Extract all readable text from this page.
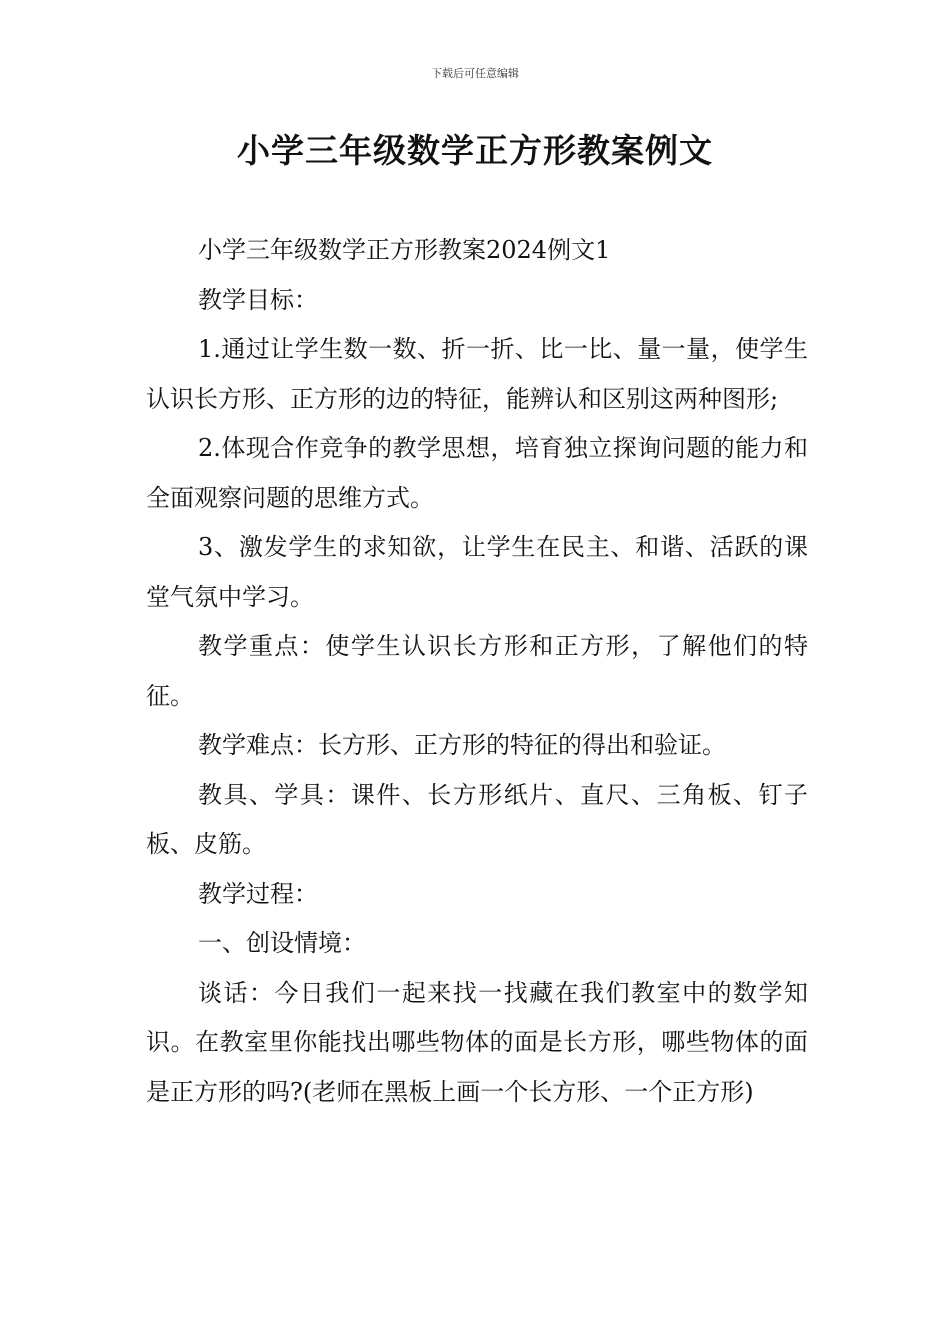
下载后可任意编辑
小学三年级数学正方形教案例文

小学三年级数学正方形教案2024例文1

教学目标：

1.通过让学生数一数、折一折、比一比、量一量，使学生认识长方形、正方形的边的特征，能辨认和区别这两种图形;

2.体现合作竞争的教学思想，培育独立探询问题的能力和全面观察问题的思维方式。

3、激发学生的求知欲，让学生在民主、和谐、活跃的课堂气氛中学习。

教学重点：使学生认识长方形和正方形，了解他们的特征。

教学难点：长方形、正方形的特征的得出和验证。

教具、学具：课件、长方形纸片、直尺、三角板、钉子板、皮筋。

教学过程：

一、创设情境：

谈话：今日我们一起来找一找藏在我们教室中的数学知识。在教室里你能找出哪些物体的面是长方形，哪些物体的面是正方形的吗?(老师在黑板上画一个长方形、一个正方形)
